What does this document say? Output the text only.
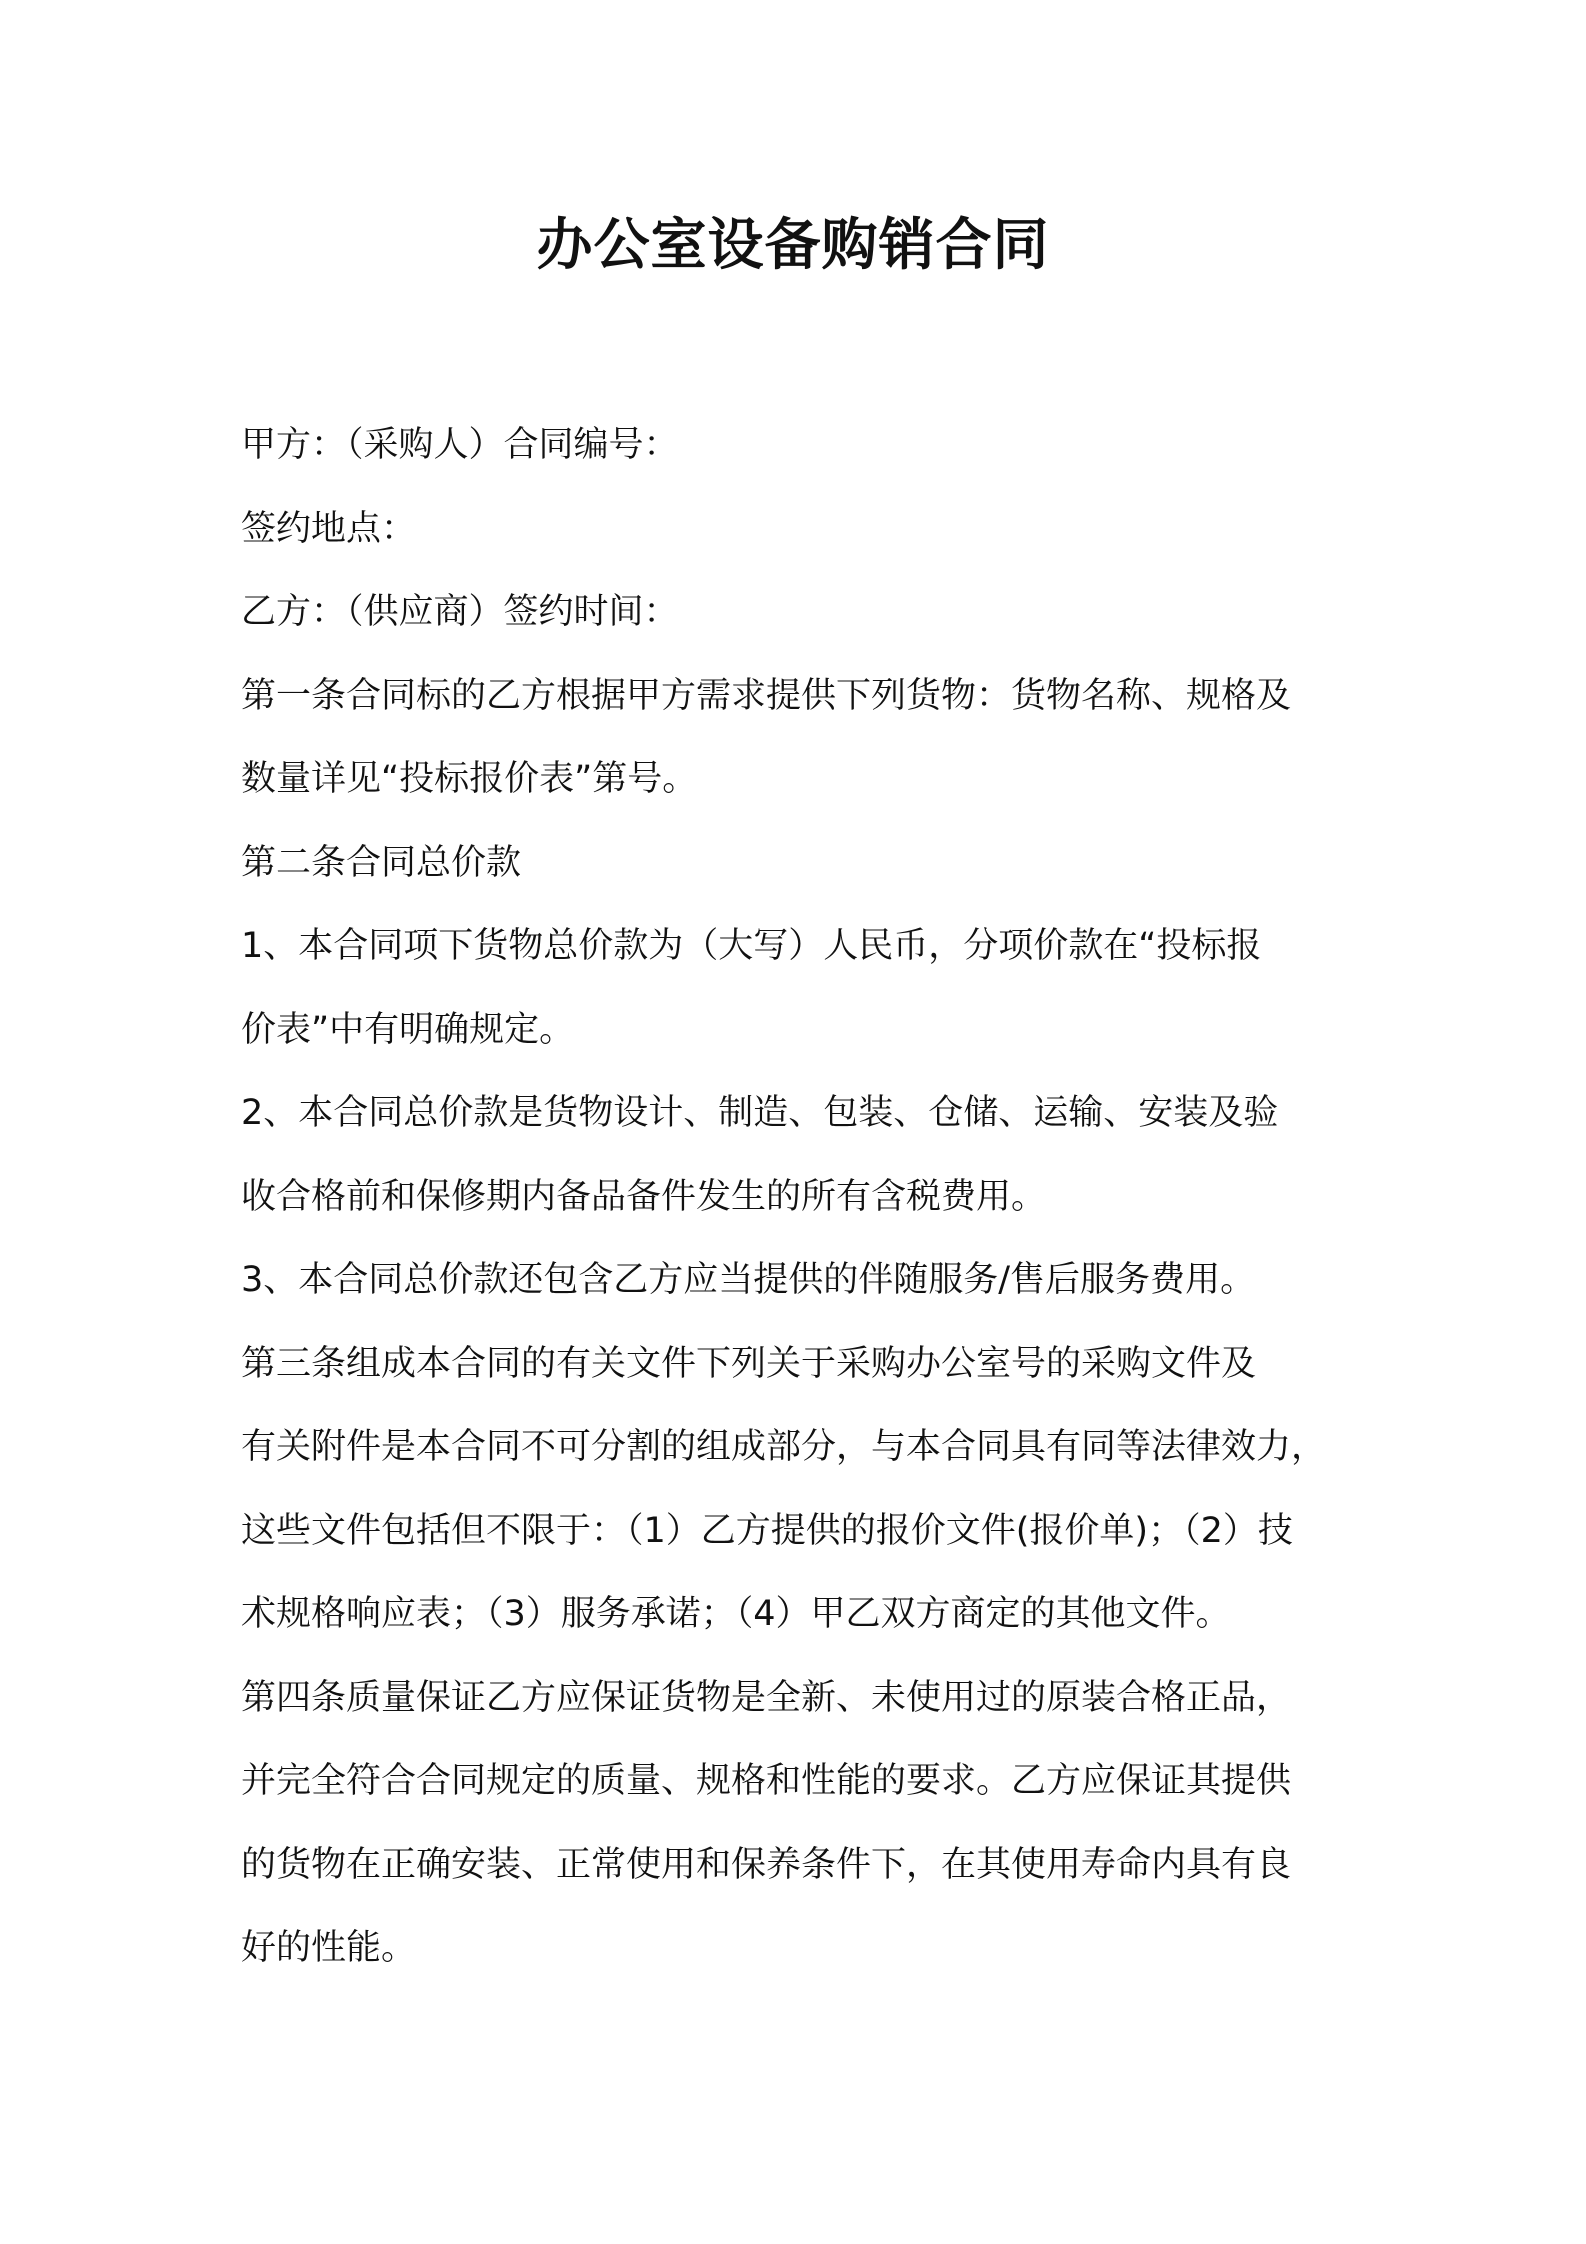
办公室设备购销合同

甲方：（采购人）合同编号：

签约地点：

乙方：（供应商）签约时间：

第一条合同标的乙方根据甲方需求提供下列货物：货物名称、规格及

数量详见“投标报价表”第号。

第二条合同总价款

1、本合同项下货物总价款为（大写）人民币，分项价款在“投标报

价表”中有明确规定。

2、本合同总价款是货物设计、制造、包装、仓储、运输、安装及验

收合格前和保修期内备品备件发生的所有含税费用。

3、本合同总价款还包含乙方应当提供的伴随服务/售后服务费用。

第三条组成本合同的有关文件下列关于采购办公室号的采购文件及

有关附件是本合同不可分割的组成部分，与本合同具有同等法律效力，

这些文件包括但不限于：（1）乙方提供的报价文件(报价单)；（2）技

术规格响应表；（3）服务承诺；（4）甲乙双方商定的其他文件。

第四条质量保证乙方应保证货物是全新、未使用过的原装合格正品，

并完全符合合同规定的质量、规格和性能的要求。乙方应保证其提供

的货物在正确安装、正常使用和保养条件下，在其使用寿命内具有良

好的性能。
